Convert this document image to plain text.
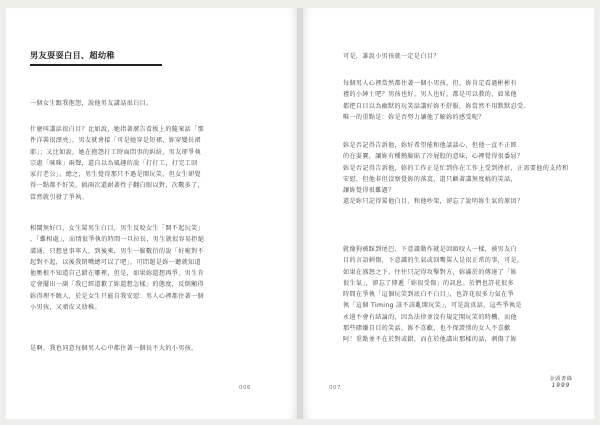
男友耍耍白目、超幼稚

一個女生跟我抱怨，說他男友講話很白目。

什麼叫講話很白目？比如說，她指著廣告看板上的隨案話「那
件洋裝很漂亮」，男友就會接「可是她穿是短裙，妳穿變長裙
耶」；又比如說，她在抱怨打工時面問事的糾紛，男友卻爭執
宗惠「咪咪」兩聲，還自以為風趣的說「打打工，打完工回
家打老公」。總之，男生覺得那只不過是開玩笑，但女生卻覺
得一點都不好笑，搞兩次還耐著性子翻白眼以對，次數多了，
當然就引發了爭執。

相鬧無好口，女生罵男生白目，男生反咬女生「開不起玩笑」
、「難相處」，而情很爭執的時間一旦拉長，男生就很容易拒絕
溝通，只想息事寧人，到後來，男生一臉數衍的說「好啦對不
起對不起，以後我閉嘴總可以了吧」，可問題是妳一聽就知道
他壓根不知道自己錯在哪裡，但是，如果妳還想再爭，男生肯
定會擺出一副「我已經道歉了妳還想怎樣」的態度，反倒顯得
妳得理不饒人，於是女生只能自我安慰：男人心裡都住著一個
小男孩，又頑皮又幼稚。

是啊，我也同意每個男人心中都住著一個長不大的小男孩。

006

可是，誰說小男孩就一定是白目？

每個男人心裡當然都住著一個小男孩，但，妳肯定看過彬彬有
禮的小紳士吧？男孩也好，男人也好，都是可以教的，如果他
都把自目以為幽默的玩笑話講好妳不舒服，妳當然不用默默忍受。
唯一的重點是：妳是否努力讓他了解妳的感受呢？

妳是否記得告訴他，妳好希望能和他談談心，但他一直不正經
的在耍寶，讓妳有種熱臉貼了冷屁股的意味，心裡覺得很委屈？
妳是否記得告訴他，妳的工作正是忙到你在工作上受到挫折，正需要他的支持和
安慰，但他非但沒察覺妳的落寞，還只顧著講無度搞的笑話，
讓妳覺得很難過？
還是妳只記得罵他白目、和他吵架，卻忘了說明妳生氣的原因？

就像狗被踩到尾巴、下意識動作就是回頭咬人一樣，被男友白
目的言語刺傷，下意識的生氣或回嘴罵人是很正常的事，可是，
如果在盛怒之下，往往只記得攻擊對方，妳滿於的傳達了「妳
很生氣」，卻忘了傳遞「妳很受傷」的訊息。於們也許花很多
時間在爭執「這個玩笑到底白不白目」，也許花很多力氣在爭
執「這個 Timing 該不該亂開玩笑」，可是說真話，這些爭執是
永遠不會有結論的，因為法律並沒有規定開玩笑的時機、而他
那些賭嫌自目的笑話，妳不喜歡，也不保證別的女人不喜歡
阿！重點並不在於對或錯，而在於他講出那樣的話，刺傷了妳

007
金頭書綠
1999
